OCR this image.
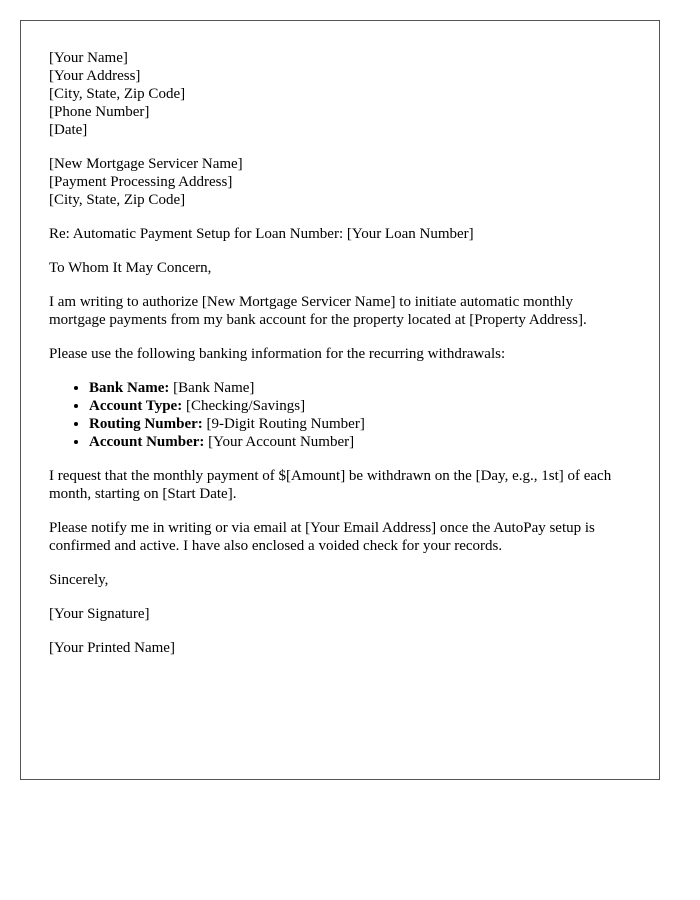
[Your Name]
[Your Address]
[City, State, Zip Code]
[Phone Number]
[Date]
[New Mortgage Servicer Name]
[Payment Processing Address]
[City, State, Zip Code]

Re: Automatic Payment Setup for Loan Number: [Your Loan Number]

To Whom It May Concern,

I am writing to authorize [New Mortgage Servicer Name] to initiate automatic monthly mortgage payments from my bank account for the property located at [Property Address].

Please use the following banking information for the recurring withdrawals:

• Bank Name: [Bank Name]
• Account Type: [Checking/Savings]
• Routing Number: [9-Digit Routing Number]
• Account Number: [Your Account Number]

I request that the monthly payment of $[Amount] be withdrawn on the [Day, e.g., 1st] of each month, starting on [Start Date].

Please notify me in writing or via email at [Your Email Address] once the AutoPay setup is confirmed and active. I have also enclosed a voided check for your records.

Sincerely,

[Your Signature]

[Your Printed Name]
